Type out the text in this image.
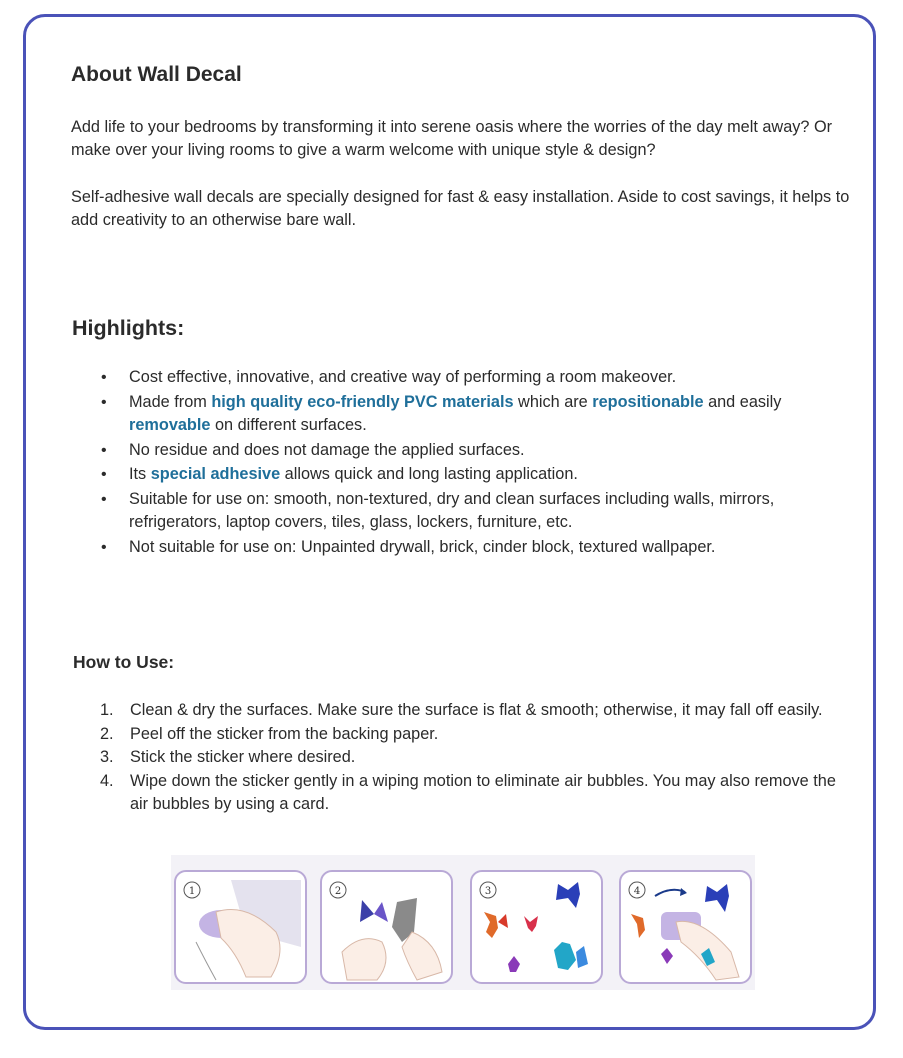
About Wall Decal

Add life to your bedrooms by transforming it into serene oasis where the worries of the day melt away? Or make over your living rooms to give a warm welcome with unique style & design?

Self-adhesive wall decals are specially designed for fast & easy installation. Aside to cost savings, it helps to add creativity to an otherwise bare wall.

Highlights:
• Cost effective, innovative, and creative way of performing a room makeover.
• Made from high quality eco-friendly PVC materials which are repositionable and easily removable on different surfaces.
• No residue and does not damage the applied surfaces.
• Its special adhesive allows quick and long lasting application.
• Suitable for use on: smooth, non-textured, dry and clean surfaces including walls, mirrors, refrigerators, laptop covers, tiles, glass, lockers, furniture, etc.
• Not suitable for use on: Unpainted drywall, brick, cinder block, textured wallpaper.
How to Use:
1. Clean & dry the surfaces. Make sure the surface is flat & smooth; otherwise, it may fall off easily.
2. Peel off the sticker from the backing paper.
3. Stick the sticker where desired.
4. Wipe down the sticker gently in a wiping motion to eliminate air bubbles. You may also remove the air bubbles by using a card.
1	2	3	4
